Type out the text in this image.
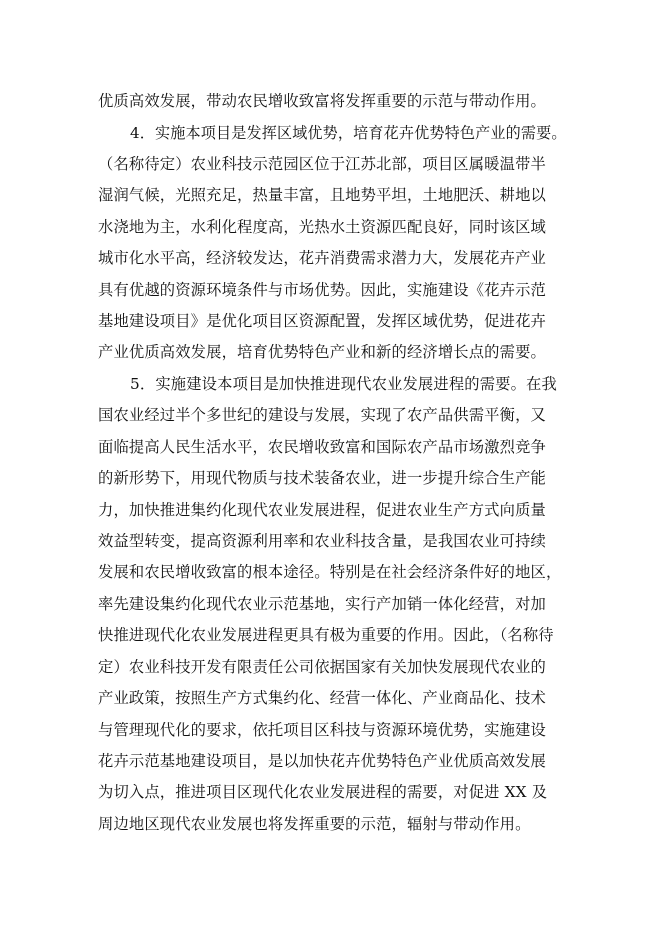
优质高效发展，带动农民增收致富将发挥重要的示范与带动作用。
4．实施本项目是发挥区域优势，培育花卉优势特色产业的需要。
（名称待定）农业科技示范园区位于江苏北部，项目区属暖温带半
湿润气候，光照充足，热量丰富，且地势平坦，土地肥沃、耕地以
水浇地为主，水利化程度高，光热水土资源匹配良好，同时该区域
城市化水平高，经济较发达，花卉消费需求潜力大，发展花卉产业
具有优越的资源环境条件与市场优势。因此，实施建设《花卉示范
基地建设项目》是优化项目区资源配置，发挥区域优势，促进花卉
产业优质高效发展，培育优势特色产业和新的经济增长点的需要。
5．实施建设本项目是加快推进现代农业发展进程的需要。在我
国农业经过半个多世纪的建设与发展，实现了农产品供需平衡，又
面临提高人民生活水平，农民增收致富和国际农产品市场激烈竞争
的新形势下，用现代物质与技术装备农业，进一步提升综合生产能
力，加快推进集约化现代农业发展进程，促进农业生产方式向质量
效益型转变，提高资源利用率和农业科技含量，是我国农业可持续
发展和农民增收致富的根本途径。特别是在社会经济条件好的地区，
率先建设集约化现代农业示范基地，实行产加销一体化经营，对加
快推进现代化农业发展进程更具有极为重要的作用。因此，（名称待
定）农业科技开发有限责任公司依据国家有关加快发展现代农业的
产业政策，按照生产方式集约化、经营一体化、产业商品化、技术
与管理现代化的要求，依托项目区科技与资源环境优势，实施建设
花卉示范基地建设项目，是以加快花卉优势特色产业优质高效发展
为切入点，推进项目区现代化农业发展进程的需要，对促进 XX 及
周边地区现代农业发展也将发挥重要的示范，辐射与带动作用。
